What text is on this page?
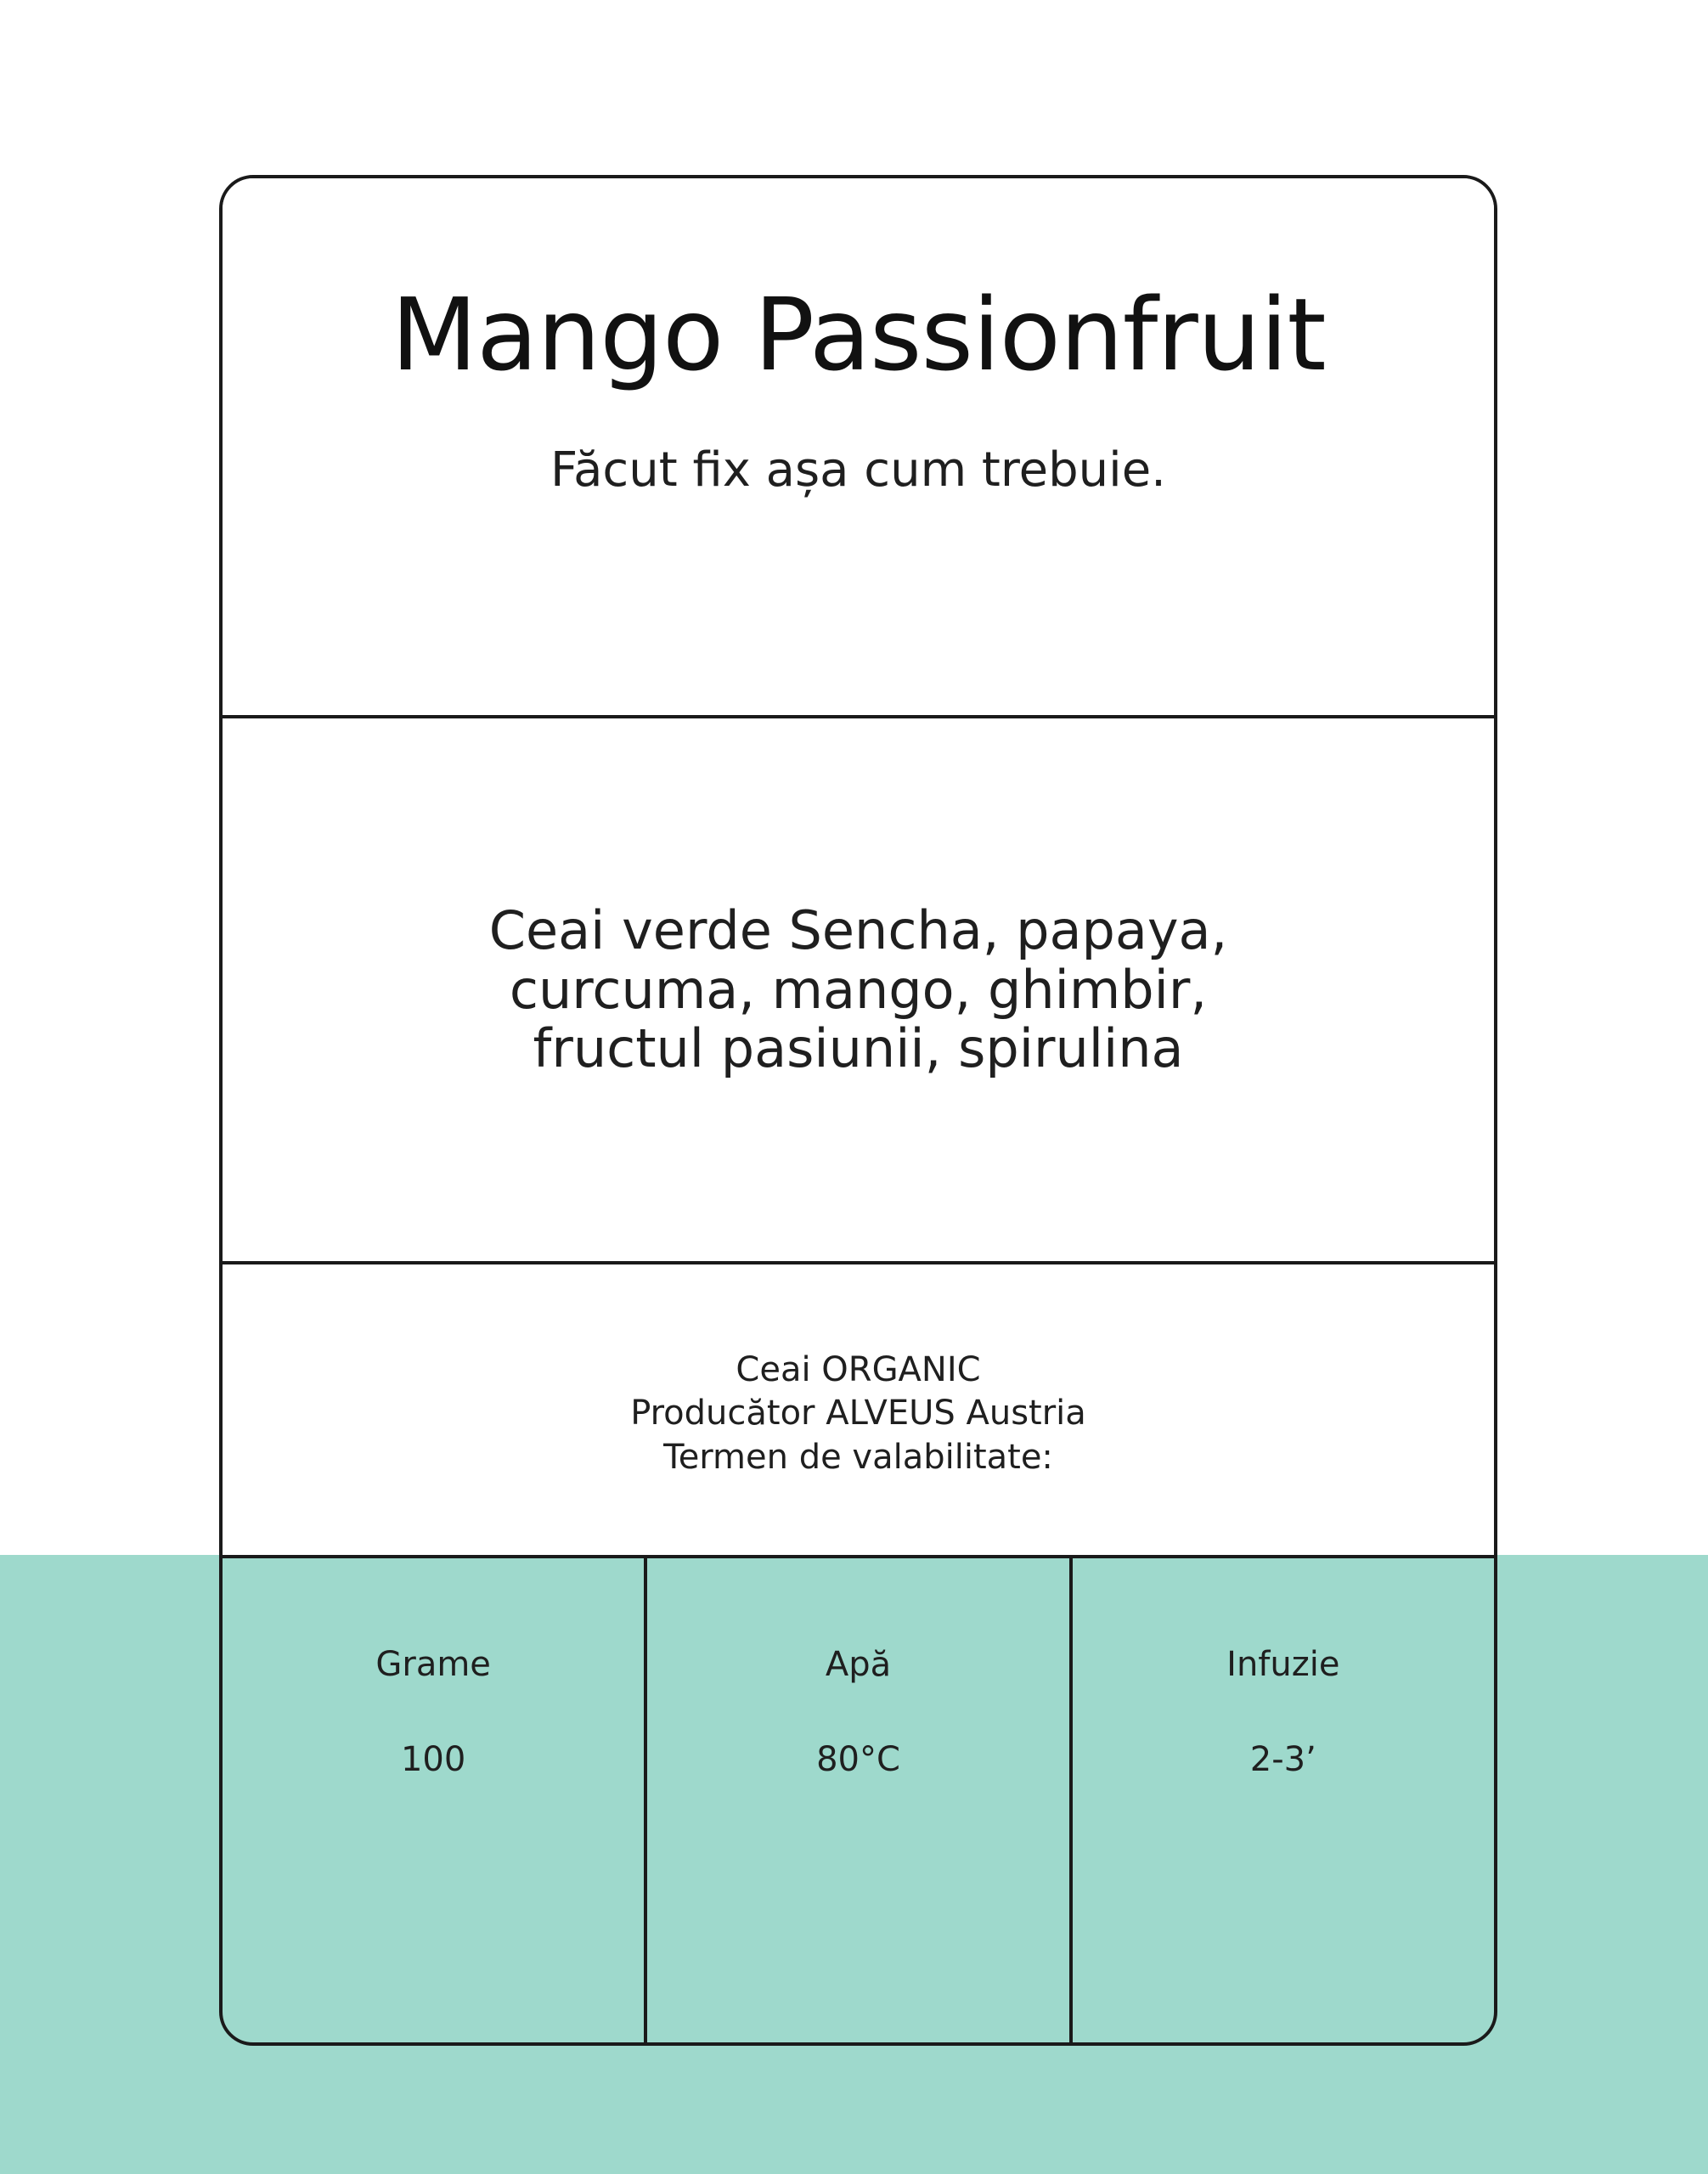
Mango Passionfruit
Făcut fix așa cum trebuie.
Ceai verde Sencha, papaya, curcuma, mango, ghimbir, fructul pasiunii, spirulina
Ceai ORGANIC
Producător ALVEUS Austria
Termen de valabilitate:
Grame
100
Apă
80°C
Infuzie
2-3’
